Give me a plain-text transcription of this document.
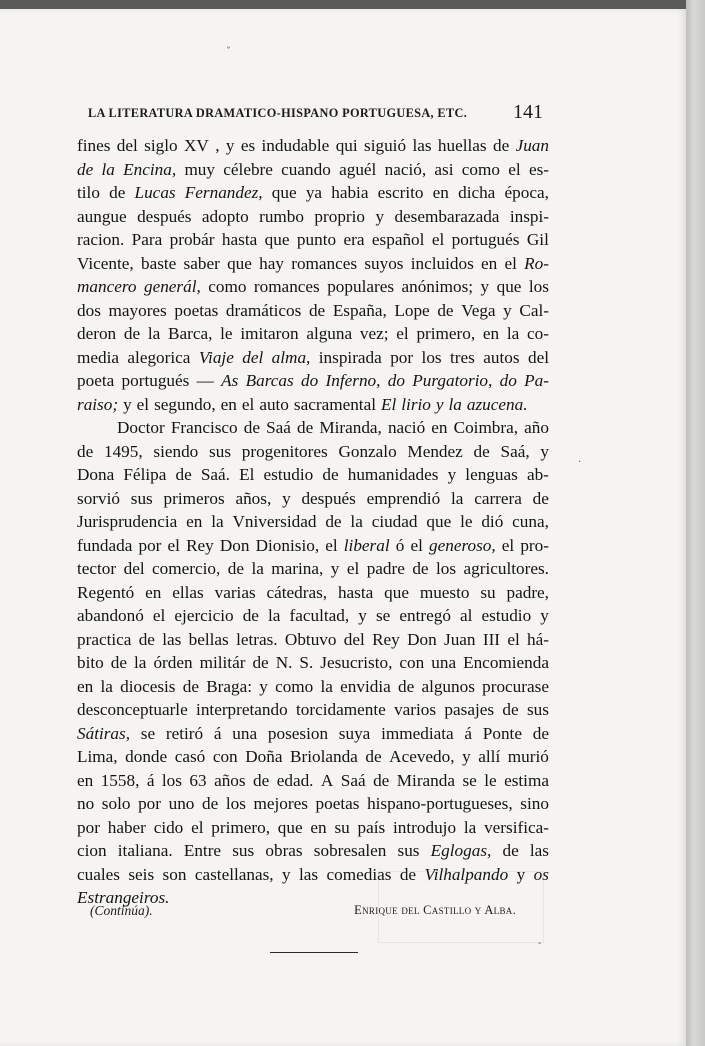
LA LITERATURA DRAMATICO-HISPANO PORTUGUESA, ETC. 141
fines del siglo XV , y es indudable qui siguió las huellas de Juan
de la Encina, muy célebre cuando aguél nació, asi como el es-
tilo de Lucas Fernandez, que ya habia escrito en dicha época,
aungue después adopto rumbo proprio y desembarazada inspi-
racion. Para probár hasta que punto era español el portugués Gil
Vicente, baste saber que hay romances suyos incluidos en el Ro-
mancero generál, como romances populares anónimos; y que los
dos mayores poetas dramáticos de España, Lope de Vega y Cal-
deron de la Barca, le imitaron alguna vez; el primero, en la co-
media alegorica Viaje del alma, inspirada por los tres autos del
poeta portugués — As Barcas do Inferno, do Purgatorio, do Pa-
raiso; y el segundo, en el auto sacramental El lirio y la azucena.
Doctor Francisco de Saá de Miranda, nació en Coimbra, año
de 1495, siendo sus progenitores Gonzalo Mendez de Saá, y
Dona Félipa de Saá. El estudio de humanidades y lenguas ab-
sorvió sus primeros años, y después emprendió la carrera de
Jurisprudencia en la Vniversidad de la ciudad que le dió cuna,
fundada por el Rey Don Dionisio, el liberal ó el generoso, el pro-
tector del comercio, de la marina, y el padre de los agricultores.
Regentó en ellas varias cátedras, hasta que muesto su padre,
abandonó el ejercicio de la facultad, y se entregó al estudio y
practica de las bellas letras. Obtuvo del Rey Don Juan III el há-
bito de la órden militár de N. S. Jesucristo, con una Encomienda
en la diocesis de Braga: y como la envidia de algunos procurase
desconceptuarle interpretando torcidamente varios pasajes de sus
Sátiras, se retiró á una posesion suya immediata á Ponte de
Lima, donde casó con Doña Briolanda de Acevedo, y allí murió
en 1558, á los 63 años de edad. A Saá de Miranda se le estima
no solo por uno de los mejores poetas hispano-portugueses, sino
por haber cido el primero, que en su país introdujo la versifica-
cion italiana. Entre sus obras sobresalen sus Eglogas, de las
cuales seis son castellanas, y las comedias de Vilhalpando y os
Estrangeiros.
(Continúa).	Enrique del Castillo y Alba.
ˇ
·
-
